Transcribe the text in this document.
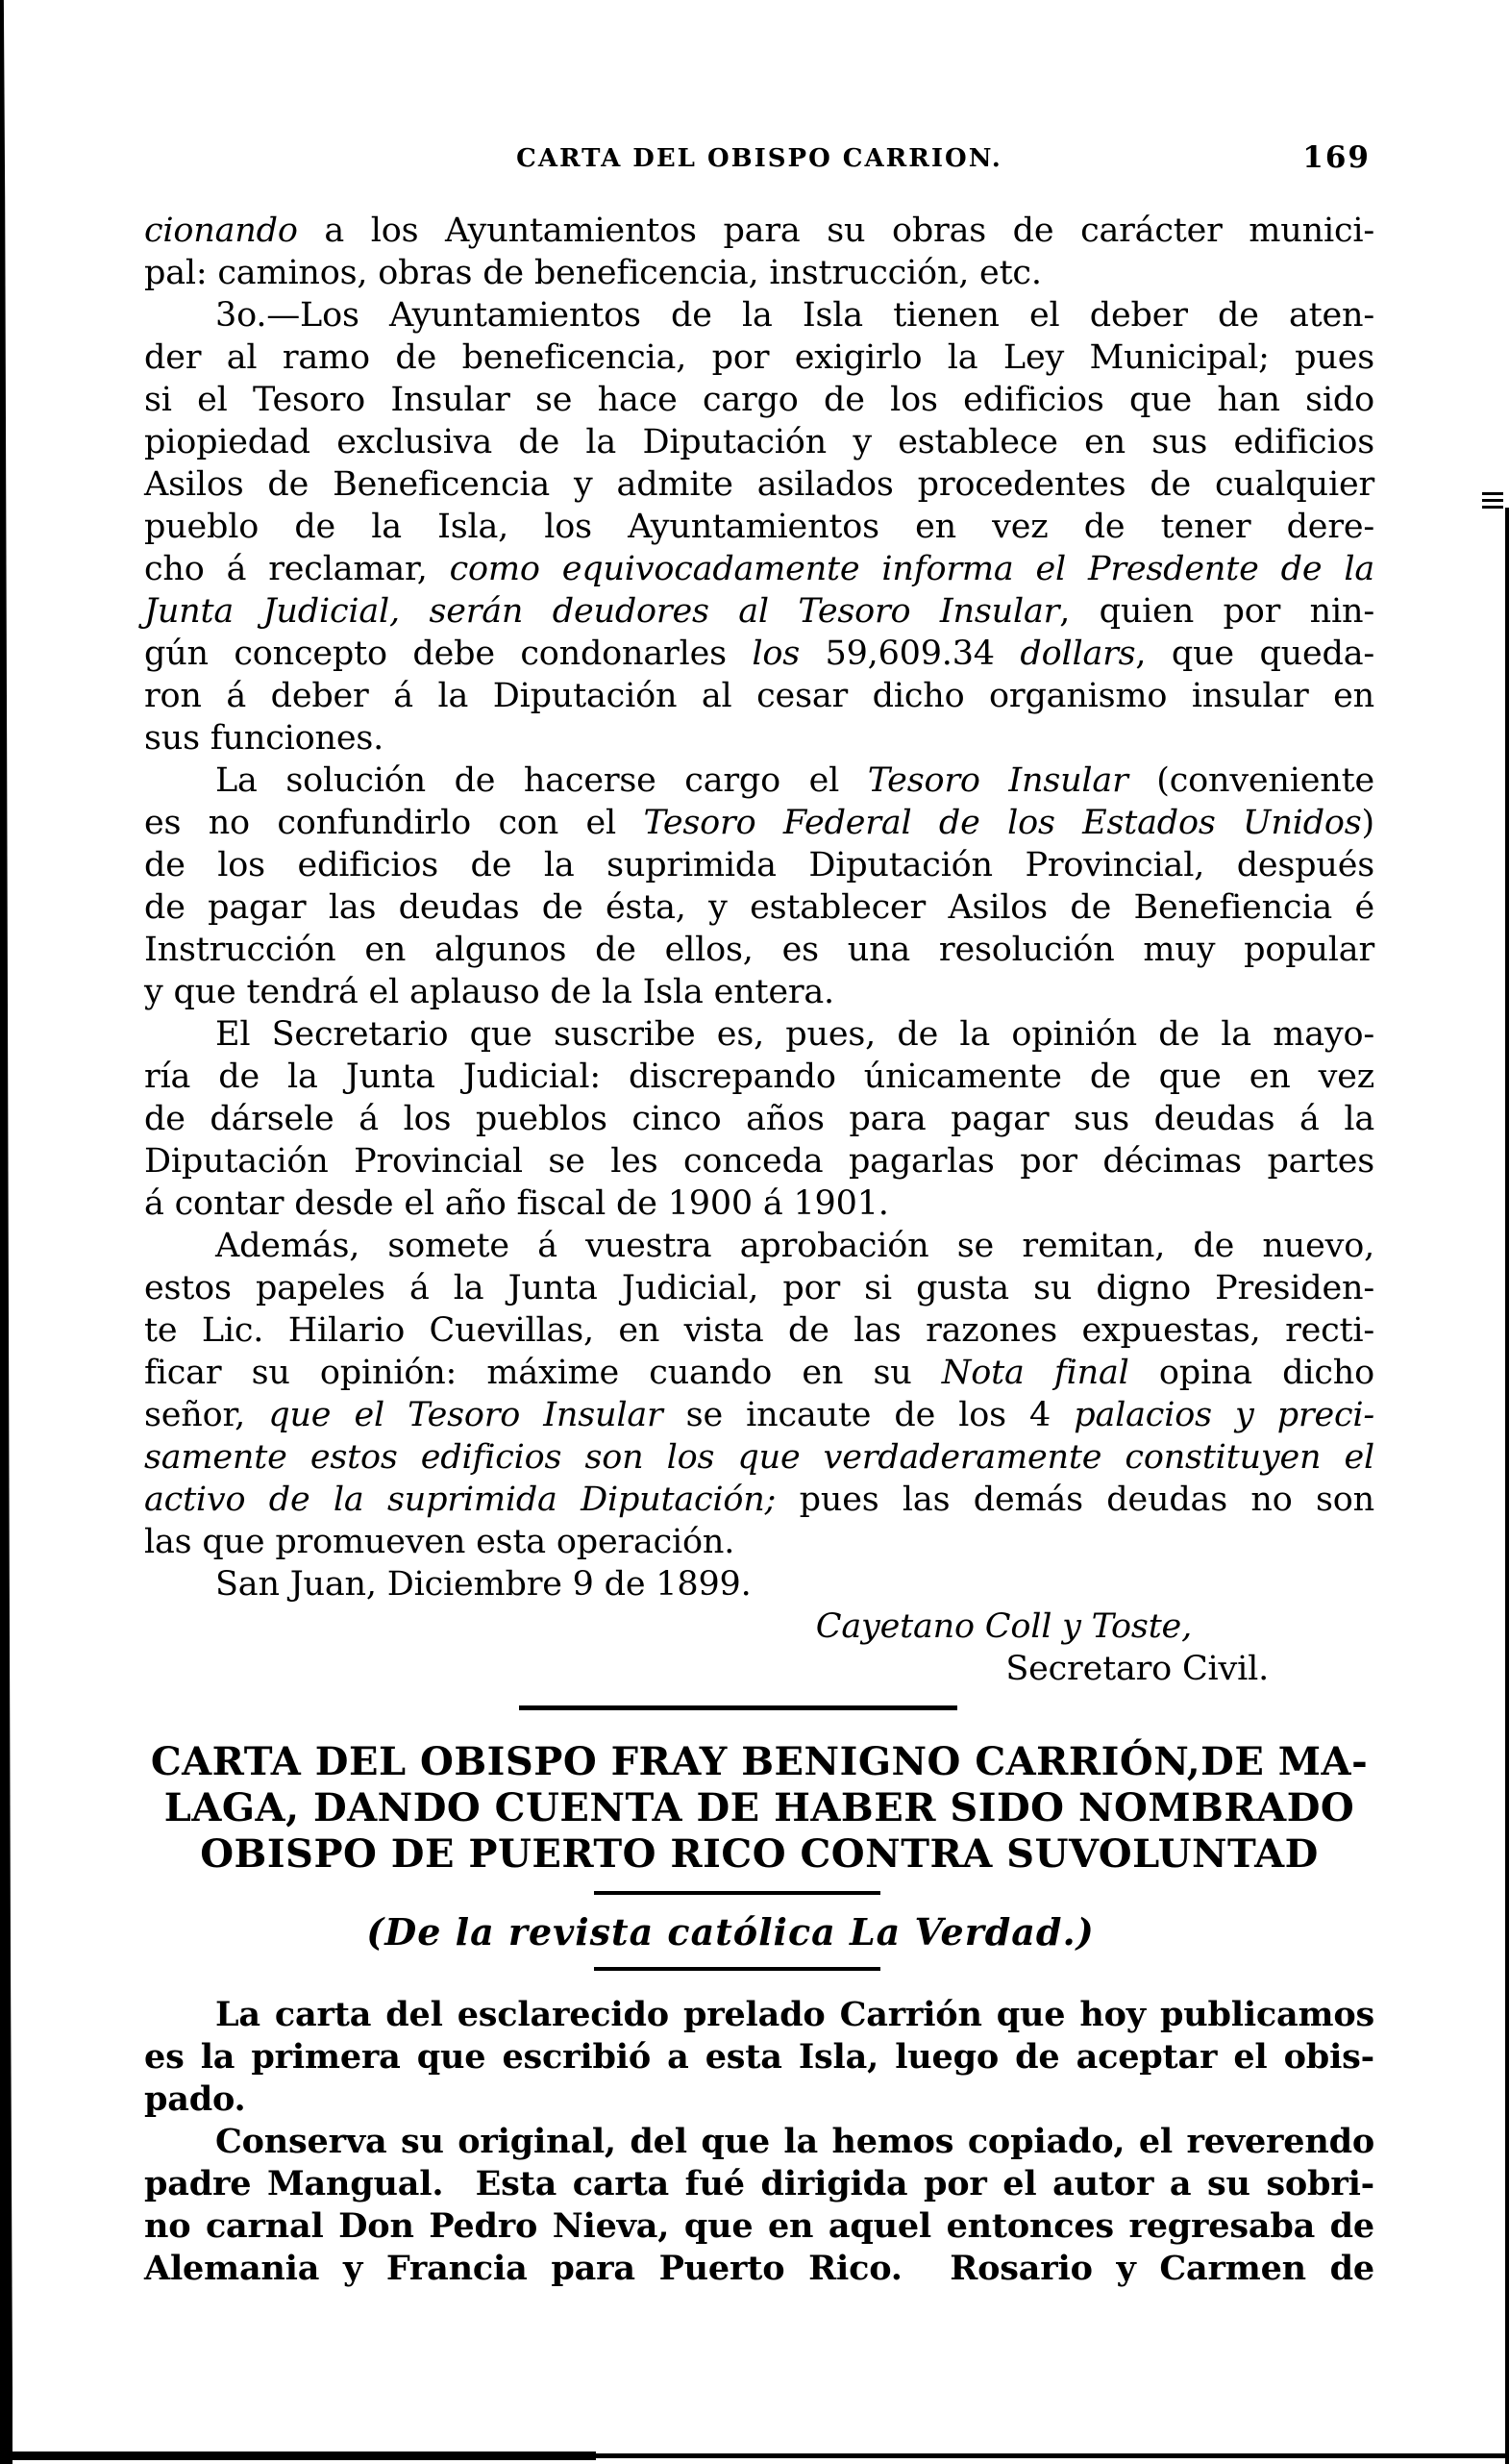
CARTA DEL OBISPO CARRION.	169
cionando a los Ayuntamientos para su obras de carácter munici-
pal: caminos, obras de beneficencia, instrucción, etc.
3o.—Los Ayuntamientos de la Isla tienen el deber de aten-
der al ramo de beneficencia, por exigirlo la Ley Municipal; pues
si el Tesoro Insular se hace cargo de los edificios que han sido
piopiedad exclusiva de la Diputación y establece en sus edificios
Asilos de Beneficencia y admite asilados procedentes de cualquier
pueblo de la Isla, los Ayuntamientos en vez de tener dere-
cho á reclamar, como equivocadamente informa el Presdente de la
Junta Judicial, serán deudores al Tesoro Insular, quien por nin-
gún concepto debe condonarles los 59,609.34 dollars, que queda-
ron á deber á la Diputación al cesar dicho organismo insular en
sus funciones.
La solución de hacerse cargo el Tesoro Insular (conveniente
es no confundirlo con el Tesoro Federal de los Estados Unidos)
de los edificios de la suprimida Diputación Provincial, después
de pagar las deudas de ésta, y establecer Asilos de Benefiencia é
Instrucción en algunos de ellos, es una resolución muy popular
y que tendrá el aplauso de la Isla entera.
El Secretario que suscribe es, pues, de la opinión de la mayo-
ría de la Junta Judicial: discrepando únicamente de que en vez
de dársele á los pueblos cinco años para pagar sus deudas á la
Diputación Provincial se les conceda pagarlas por décimas partes
á contar desde el año fiscal de 1900 á 1901.
Además, somete á vuestra aprobación se remitan, de nuevo,
estos papeles á la Junta Judicial, por si gusta su digno Presiden-
te Lic. Hilario Cuevillas, en vista de las razones expuestas, recti-
ficar su opinión: máxime cuando en su Nota final opina dicho
señor, que el Tesoro Insular se incaute de los 4 palacios y preci-
samente estos edificios son los que verdaderamente constituyen el
activo de la suprimida Diputación; pues las demás deudas no son
las que promueven esta operación.
San Juan, Diciembre 9 de 1899.
Cayetano Coll y Toste,
Secretaro Civil.
CARTA DEL OBISPO FRAY BENIGNO CARRIÓN,DE MA-
LAGA, DANDO CUENTA DE HABER SIDO NOMBRADO
OBISPO DE PUERTO RICO CONTRA SUVOLUNTAD
(De la revista católica La Verdad.)
La carta del esclarecido prelado Carrión que hoy publicamos
es la primera que escribió a esta Isla, luego de aceptar el obis-
pado.
Conserva su original, del que la hemos copiado, el reverendo
padre Mangual.  Esta carta fué dirigida por el autor a su sobri-
no carnal Don Pedro Nieva, que en aquel entonces regresaba de
Alemania y Francia para Puerto Rico.  Rosario y Carmen de
